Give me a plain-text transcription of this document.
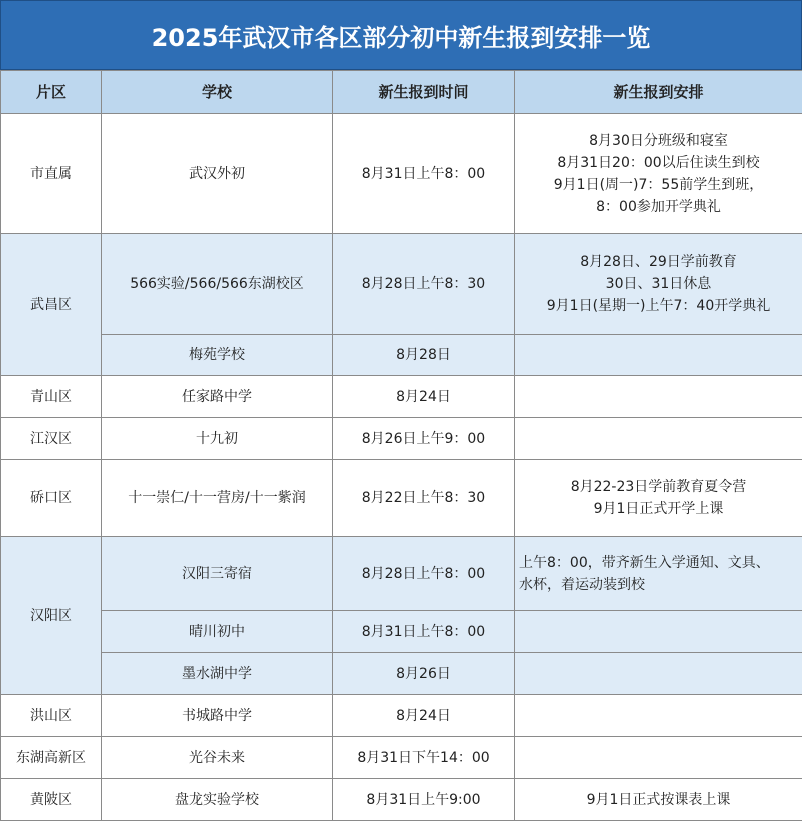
2025年武汉市各区部分初中新生报到安排一览
片区	学校	新生报到时间	新生报到安排
市直属	武汉外初	8月31日上午8：00	8月30日分班级和寝室
8月31日20：00以后住读生到校
9月1日(周一)7：55前学生到班，
8：00参加开学典礼

武昌区	566实验/566/566东湖校区	8月28日上午8：30	8月28日、29日学前教育
30日、31日休息
9月1日(星期一)上午7：40开学典礼

	梅苑学校	8月28日	
青山区	任家路中学	8月24日	
江汉区	十九初	8月26日上午9：00	
硚口区	十一崇仁/十一营房/十一紫润	8月22日上午8：30	8月22-23日学前教育夏令营
9月1日正式开学上课

汉阳区	汉阳三寄宿	8月28日上午8：00	上午8：00，带齐新生入学通知、文具、
水杯，着运动装到校

	晴川初中	8月31日上午8：00	
	墨水湖中学	8月26日	
洪山区	书城路中学	8月24日	
东湖高新区	光谷未来	8月31日下午14：00	
黄陂区	盘龙实验学校	8月31日上午9:00	9月1日正式按课表上课
